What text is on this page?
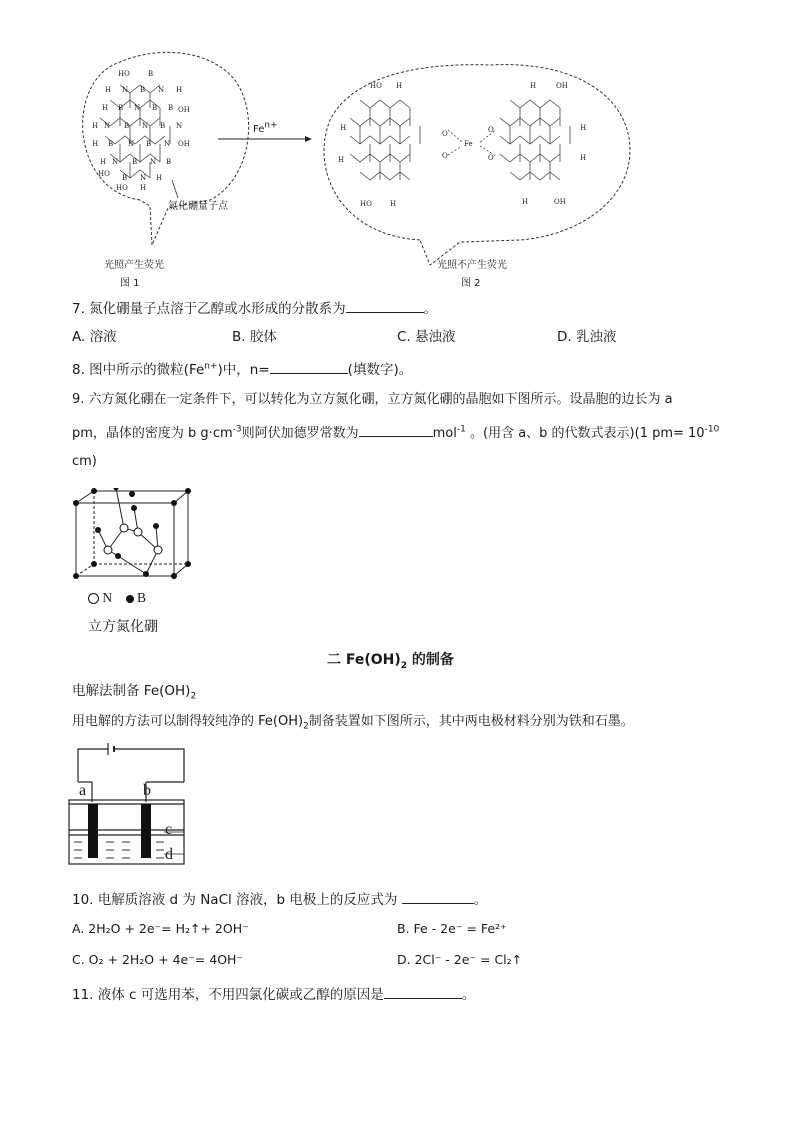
HO	B
H N B N H
H B N B B OH
H N B N B N
H B N B N OH
H N B N B
HO B N H
HO H
HO H
O
O
Fe
O
O
H	OH
HO	H	H	OH
H
H
H
H
$Fe^{n+}$
氮化硼量子点
光照产生荧光
图 1
光照不产生荧光
图 2
7. 氮化硼量子点溶于乙醇或水形成的分散系为	。
A. 溶液	B. 胶体	C. 悬浊液	D. 乳浊液
8. 图中所示的微粒$(Fe^{n+})$中，n=	(填数字)。
9. 六方氮化硼在一定条件下，可以转化为立方氮化硼，立方氮化硼的晶胞如下图所示。设晶胞的边长为 a
pm，晶体的密度为 b $g\cdot cm^{-3}$则阿伏加德罗常数为	mol$^{-1}$ 。(用含 a、b 的代数式表示)(1 $pm= 10^{-10}$
cm)
N B
立方氮化硼
二 $Fe(OH)_2$ 的制备
电解法制备 $Fe(OH)_2$
用电解的方法可以制得较纯净的 $Fe(OH)_2$制备装置如下图所示，其中两电极材料分别为铁和石墨。
a	b
c
d
10. 电解质溶液 d 为 NaCl 溶液，b 电极上的反应式为	。
A. 2H₂O + 2e⁻= H₂↑+ 2OH⁻	B. Fe - 2e⁻ = Fe²⁺
C. O₂ + 2H₂O + 4e⁻= 4OH⁻	D. 2Cl⁻ - 2e⁻ = Cl₂↑
11. 液体 c 可选用苯，不用四氯化碳或乙醇的原因是	。
